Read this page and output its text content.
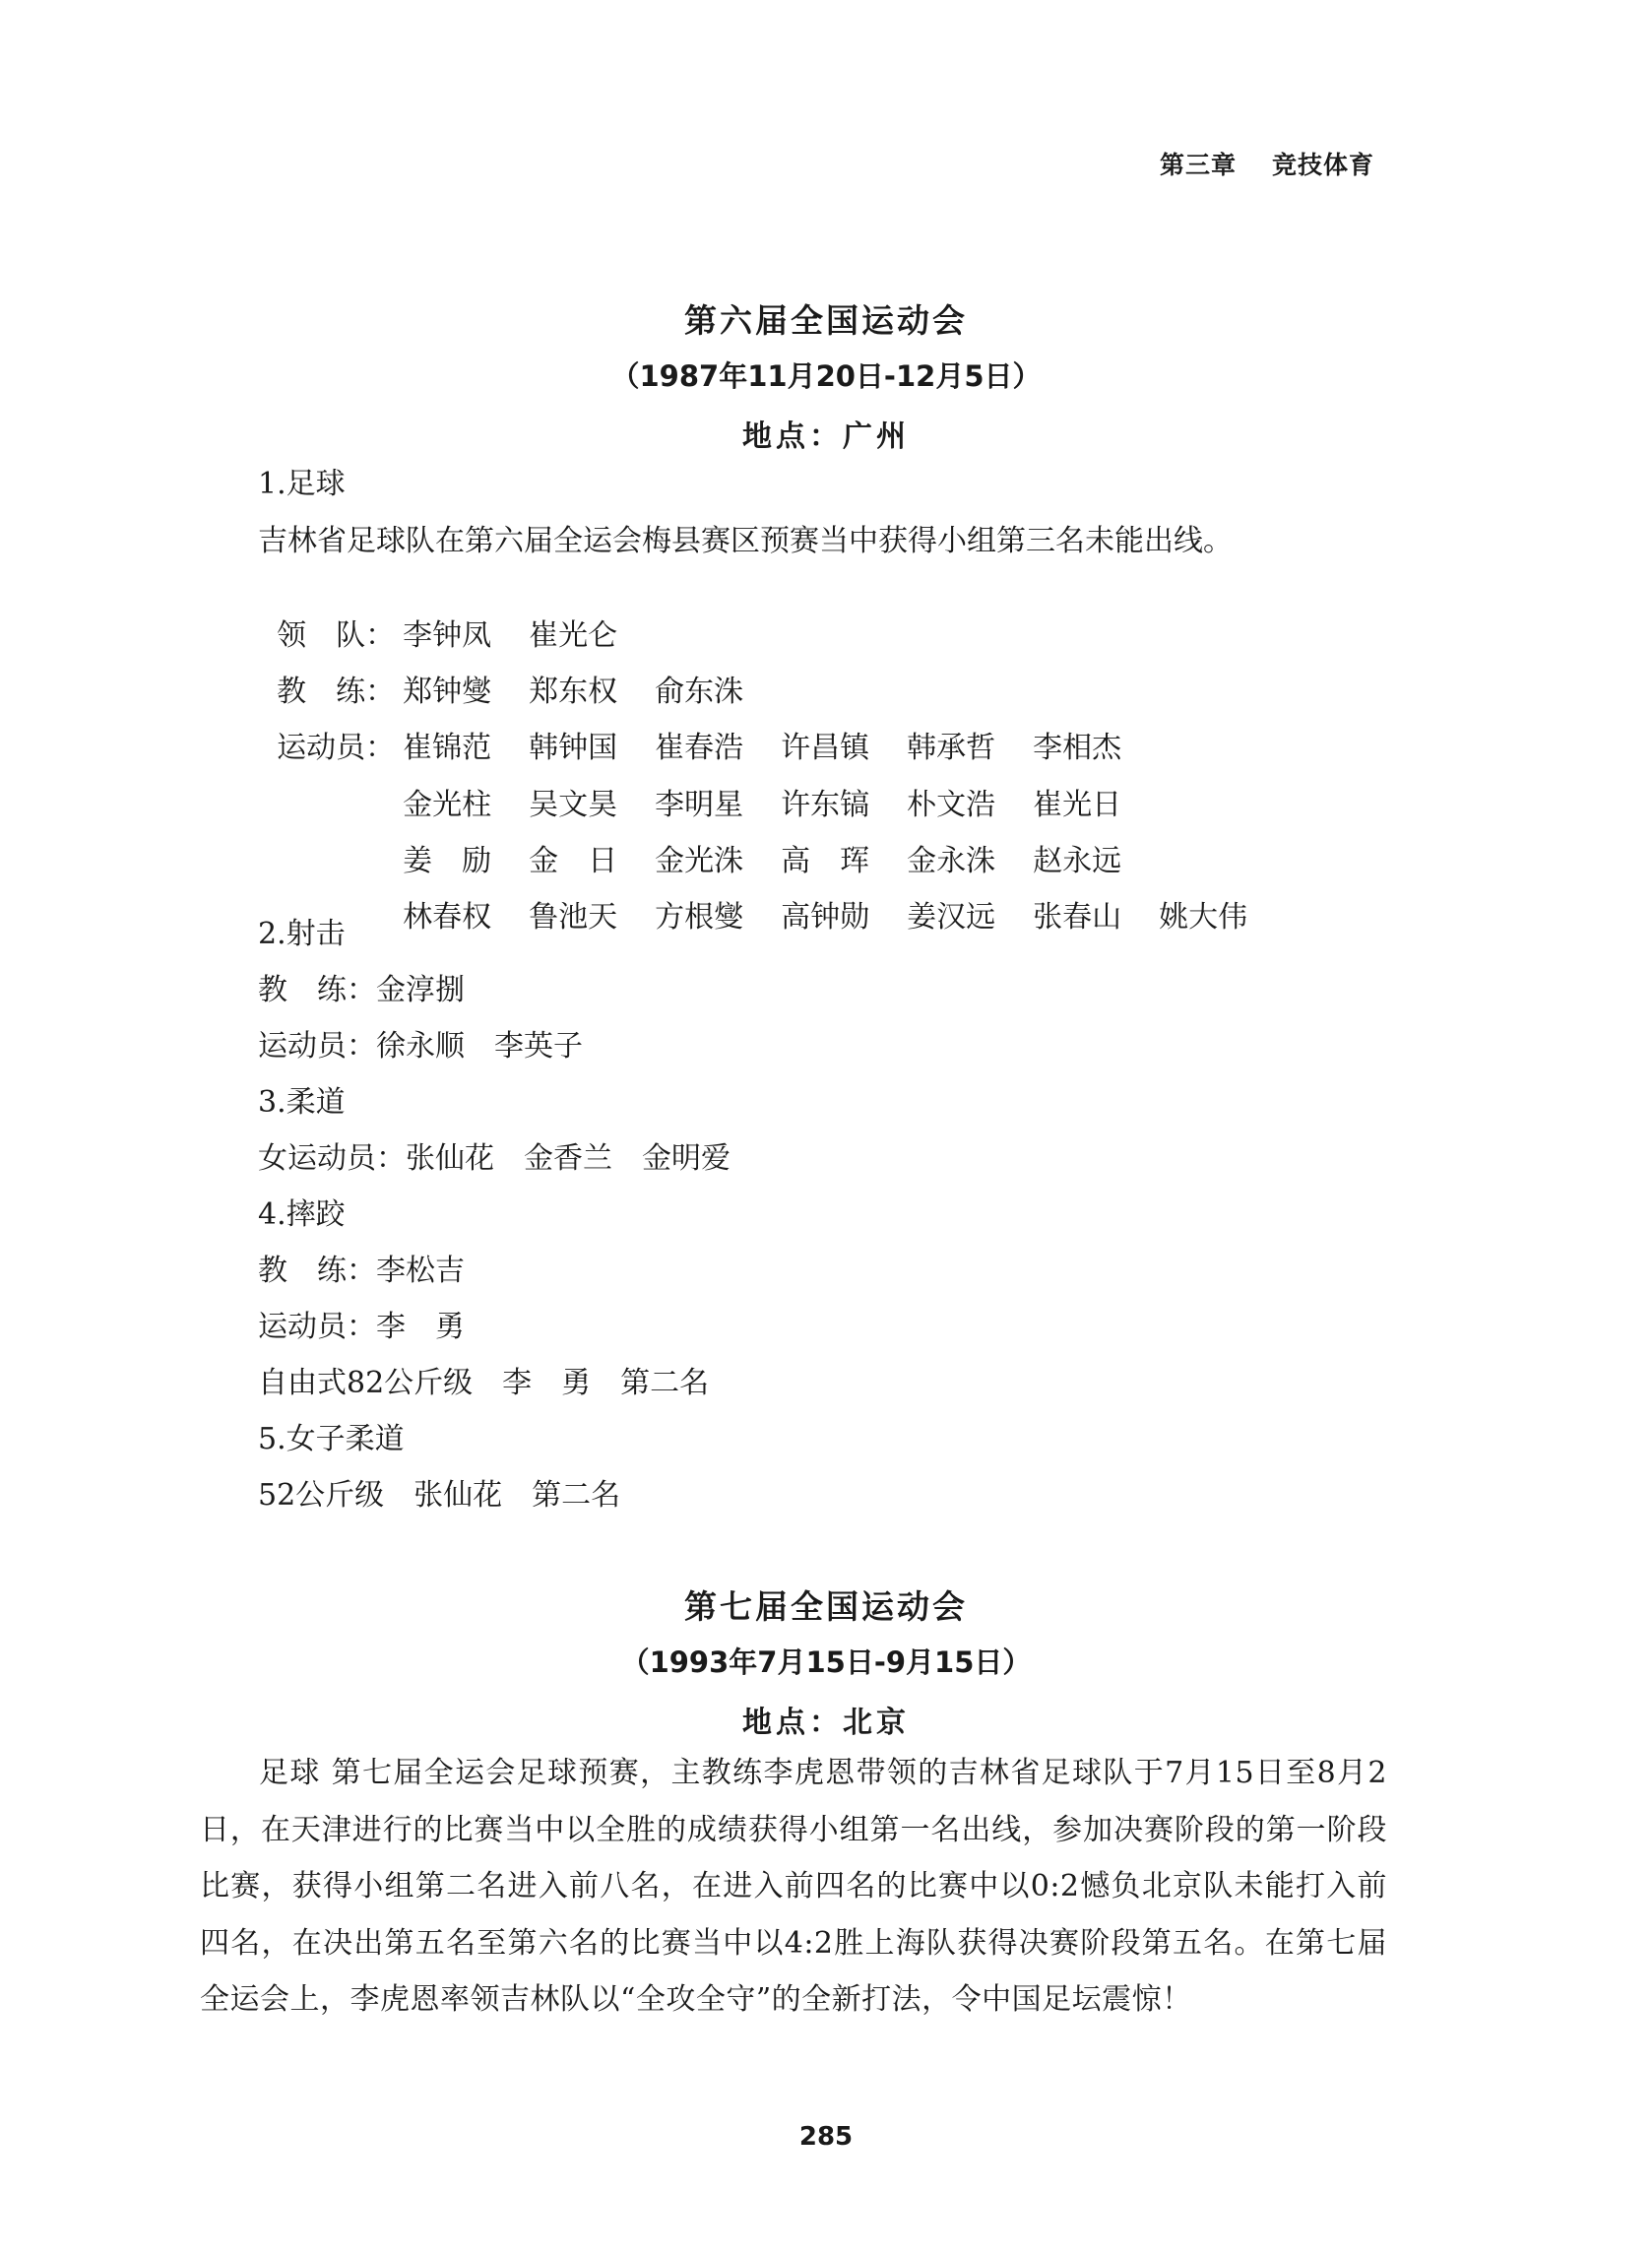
第三章 竞技体育
第六届全国运动会
（1987年11月20日-12月5日）
地点：广州
1.足球
吉林省足球队在第六届全运会梅县赛区预赛当中获得小组第三名未能出线。

领　队： 李钟凤 崔光仑

教　练： 郑钟燮 郑东权 俞东洙

运动员： 崔锦范 韩钟国 崔春浩 许昌镇 韩承哲 李相杰

金光柱 吴文昊 李明星 许东镐 朴文浩 崔光日

姜　励 金　日 金光洙 高　珲 金永洙 赵永远

林春权 鲁池天 方根燮 高钟勋 姜汉远 张春山 姚大伟

2.射击
教　练：金淳捌
运动员：徐永顺　李英子
3.柔道
女运动员：张仙花　金香兰　金明爱
4.摔跤
教　练：李松吉
运动员：李　勇
自由式82公斤级　李　勇　第二名
5.女子柔道
52公斤级　张仙花　第二名
第七届全国运动会
（1993年7月15日-9月15日）
地点：北京
足球 第七届全运会足球预赛，主教练李虎恩带领的吉林省足球队于7月15日至8月2日，在天津进行的比赛当中以全胜的成绩获得小组第一名出线，参加决赛阶段的第一阶段比赛，获得小组第二名进入前八名，在进入前四名的比赛中以0:2憾负北京队未能打入前四名，在决出第五名至第六名的比赛当中以4:2胜上海队获得决赛阶段第五名。在第七届全运会上，李虎恩率领吉林队以“全攻全守”的全新打法，令中国足坛震惊！
285
